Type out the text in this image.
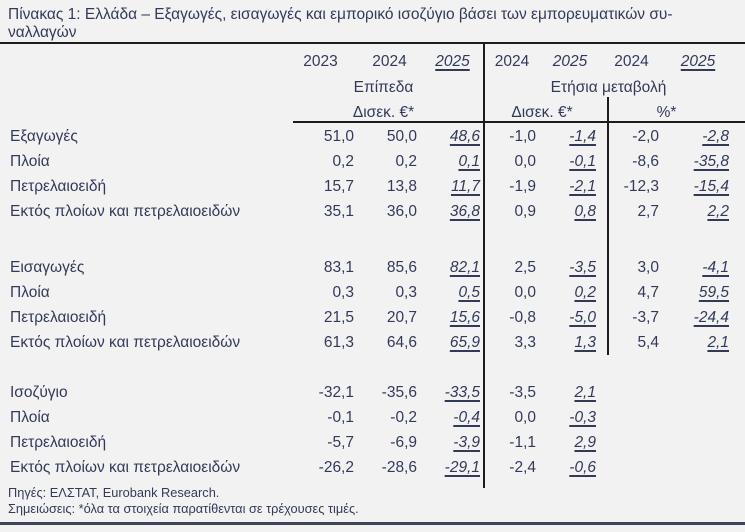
Πίνακας 1: Ελλάδα – Εξαγωγές, εισαγωγές και εμπορικό ισοζύγιο βάσει των εμπορευματικών συ-
ναλλαγών
2023	2024	2025	2024	2025	2024	2025
Επίπεδα	Ετήσια μεταβολή
Δισεκ. €*	Δισεκ. €*	%*
Εξαγωγές	51,0	50,0	48,6	-1,0	-1,4	-2,0	-2,8
Πλοία	0,2	0,2	0,1	0,0	-0,1	-8,6	-35,8
Πετρελαιοειδή	15,7	13,8	11,7	-1,9	-2,1	-12,3	-15,4
Εκτός πλοίων και πετρελαιοειδών	35,1	36,0	36,8	0,9	0,8	2,7	2,2
Εισαγωγές	83,1	85,6	82,1	2,5	-3,5	3,0	-4,1
Πλοία	0,3	0,3	0,5	0,0	0,2	4,7	59,5
Πετρελαιοειδή	21,5	20,7	15,6	-0,8	-5,0	-3,7	-24,4
Εκτός πλοίων και πετρελαιοειδών	61,3	64,6	65,9	3,3	1,3	5,4	2,1
Ισοζύγιο	-32,1	-35,6	-33,5	-3,5	2,1
Πλοία	-0,1	-0,2	-0,4	0,0	-0,3
Πετρελαιοειδή	-5,7	-6,9	-3,9	-1,1	2,9
Εκτός πλοίων και πετρελαιοειδών	-26,2	-28,6	-29,1	-2,4	-0,6
Πηγές: ΕΛΣΤΑΤ, Eurobank Research.
Σημειώσεις: *όλα τα στοιχεία παρατίθενται σε τρέχουσες τιμές.
